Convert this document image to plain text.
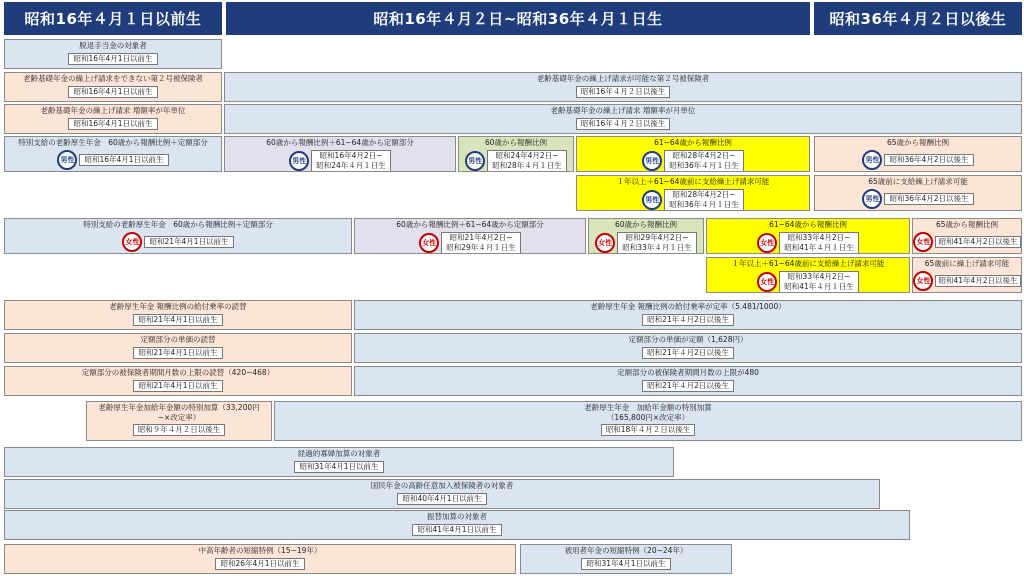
昭和16年４月１日以前生	昭和16年４月２日~昭和36年４月１日生	昭和36年４月２日以後生
脱退手当金の対象者
昭和16年4月1日以前生
老齢基礎年金の繰上げ請求をできない第２号被保険者
昭和16年4月1日以前生
老齢基礎年金の繰上げ請求が可能な第２号被保険者
昭和16年４月２日以後生
老齢基礎年金の繰上げ請求 増額率が年単位
昭和16年4月1日以前生
老齢基礎年金の繰上げ請求 増額率が月単位
昭和16年４月２日以後生
特別支給の老齢厚生年金　60歳から報酬比例＋定額部分
男性	昭和16年4月1日以前生
60歳から報酬比例＋61~64歳から定額部分
男性
昭和16年4月2日~
昭和24年４月１日生
60歳から報酬比例
男性
昭和24年4月2日~
昭和28年４月１日生
61~64歳から報酬比例
男性
昭和28年4月2日~
昭和36年４月１日生
65歳から報酬比例
男性	昭和36年4月2日以後生
１年以上＋61~64歳前に支給繰上げ請求可能
男性
昭和28年4月2日~
昭和36年４月１日生
65歳前に支給繰上げ請求可能
男性	昭和36年4月2日以後生
特別支給の老齢厚生年金　60歳から報酬比例＋定額部分
女性	昭和21年4月1日以前生
60歳から報酬比例＋61~64歳から定額部分
女性
昭和21年4月2日~
昭和29年４月１日生
60歳から報酬比例
女性
昭和29年4月2日~
昭和33年４月１日生
61~64歳から報酬比例
女性
昭和33年4月2日~
昭和41年４月１日生
65歳から報酬比例
女性	昭和41年4月2日以後生
１年以上＋61~64歳前に支給繰上げ請求可能
女性
昭和33年4月2日~
昭和41年４月１日生
65歳前に繰上げ請求可能
女性	昭和41年4月2日以後生
老齢厚生年金 報酬比例の給付乗率の読替
昭和21年4月1日以前生
老齢厚生年金 報酬比例の給付乗率が定率（5.481/1000）
昭和21年４月2日以後生
定額部分の単価の読替
昭和21年4月1日以前生
定額部分の単価が定額（1,628円）
昭和21年４月2日以後生
定額部分の被保険者期間月数の上限の読替（420~468）
昭和21年4月1日以前生
定額部分の被保険者期間月数の上限が480
昭和21年４月2日以後生
老齢厚生年金加給年金額の特別加算（33,200円
~×改定率）
昭和９年４月２日以後生
老齢厚生年金　加給年金額の特別加算
（165,800円×改定率）
昭和18年４月２日以後生
経過的寡婦加算の対象者
昭和31年4月1日以前生
国民年金の高齢任意加入被保険者の対象者
昭和40年4月1日以前生
振替加算の対象者
昭和41年4月1日以前生
中高年齢者の短縮特例（15~19年）
昭和26年4月1日以前生
被用者年金の短縮特例（20~24年）
昭和31年4月1日以前生
